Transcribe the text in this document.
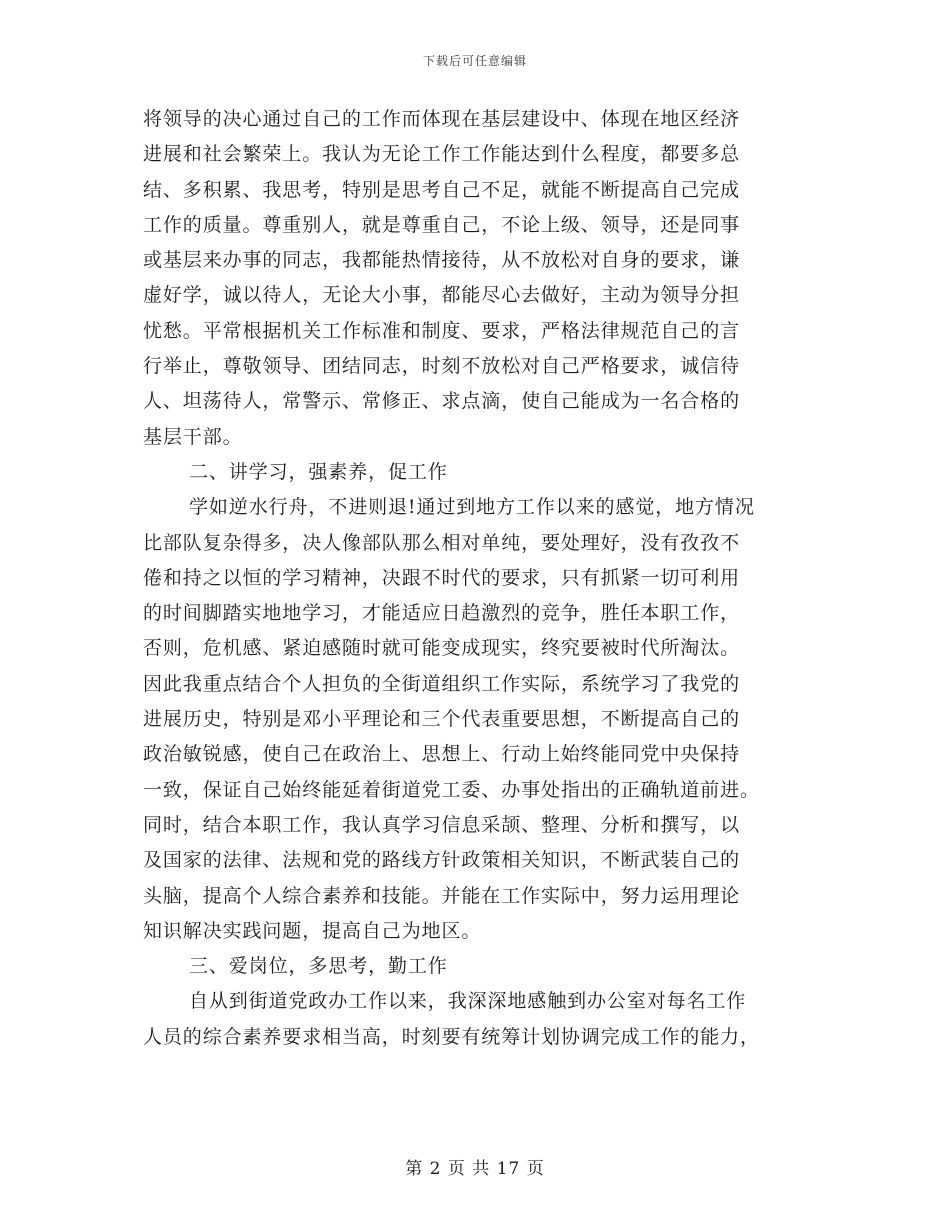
下载后可任意编辑
将领导的决心通过自己的工作而体现在基层建设中、体现在地区经济
进展和社会繁荣上。我认为无论工作工作能达到什么程度，都要多总
结、多积累、我思考，特别是思考自己不足，就能不断提高自己完成
工作的质量。尊重别人，就是尊重自己，不论上级、领导，还是同事
或基层来办事的同志，我都能热情接待，从不放松对自身的要求，谦
虚好学，诚以待人，无论大小事，都能尽心去做好，主动为领导分担
忧愁。平常根据机关工作标准和制度、要求，严格法律规范自己的言
行举止，尊敬领导、团结同志，时刻不放松对自己严格要求，诚信待
人、坦荡待人，常警示、常修正、求点滴，使自己能成为一名合格的
基层干部。
二、讲学习，强素养，促工作
学如逆水行舟，不进则退!通过到地方工作以来的感觉，地方情况
比部队复杂得多，决人像部队那么相对单纯，要处理好，没有孜孜不
倦和持之以恒的学习精神，决跟不时代的要求，只有抓紧一切可利用
的时间脚踏实地地学习，才能适应日趋激烈的竞争，胜任本职工作，
否则，危机感、紧迫感随时就可能变成现实，终究要被时代所淘汰。
因此我重点结合个人担负的全街道组织工作实际，系统学习了我党的
进展历史，特别是邓小平理论和三个代表重要思想，不断提高自己的
政治敏锐感，使自己在政治上、思想上、行动上始终能同党中央保持
一致，保证自己始终能延着街道党工委、办事处指出的正确轨道前进。
同时，结合本职工作，我认真学习信息采颉、整理、分析和撰写，以
及国家的法律、法规和党的路线方针政策相关知识，不断武装自己的
头脑，提高个人综合素养和技能。并能在工作实际中，努力运用理论
知识解决实践问题，提高自己为地区。
三、爱岗位，多思考，勤工作
自从到街道党政办工作以来，我深深地感触到办公室对每名工作
人员的综合素养要求相当高，时刻要有统筹计划协调完成工作的能力，
第 2 页 共 17 页
